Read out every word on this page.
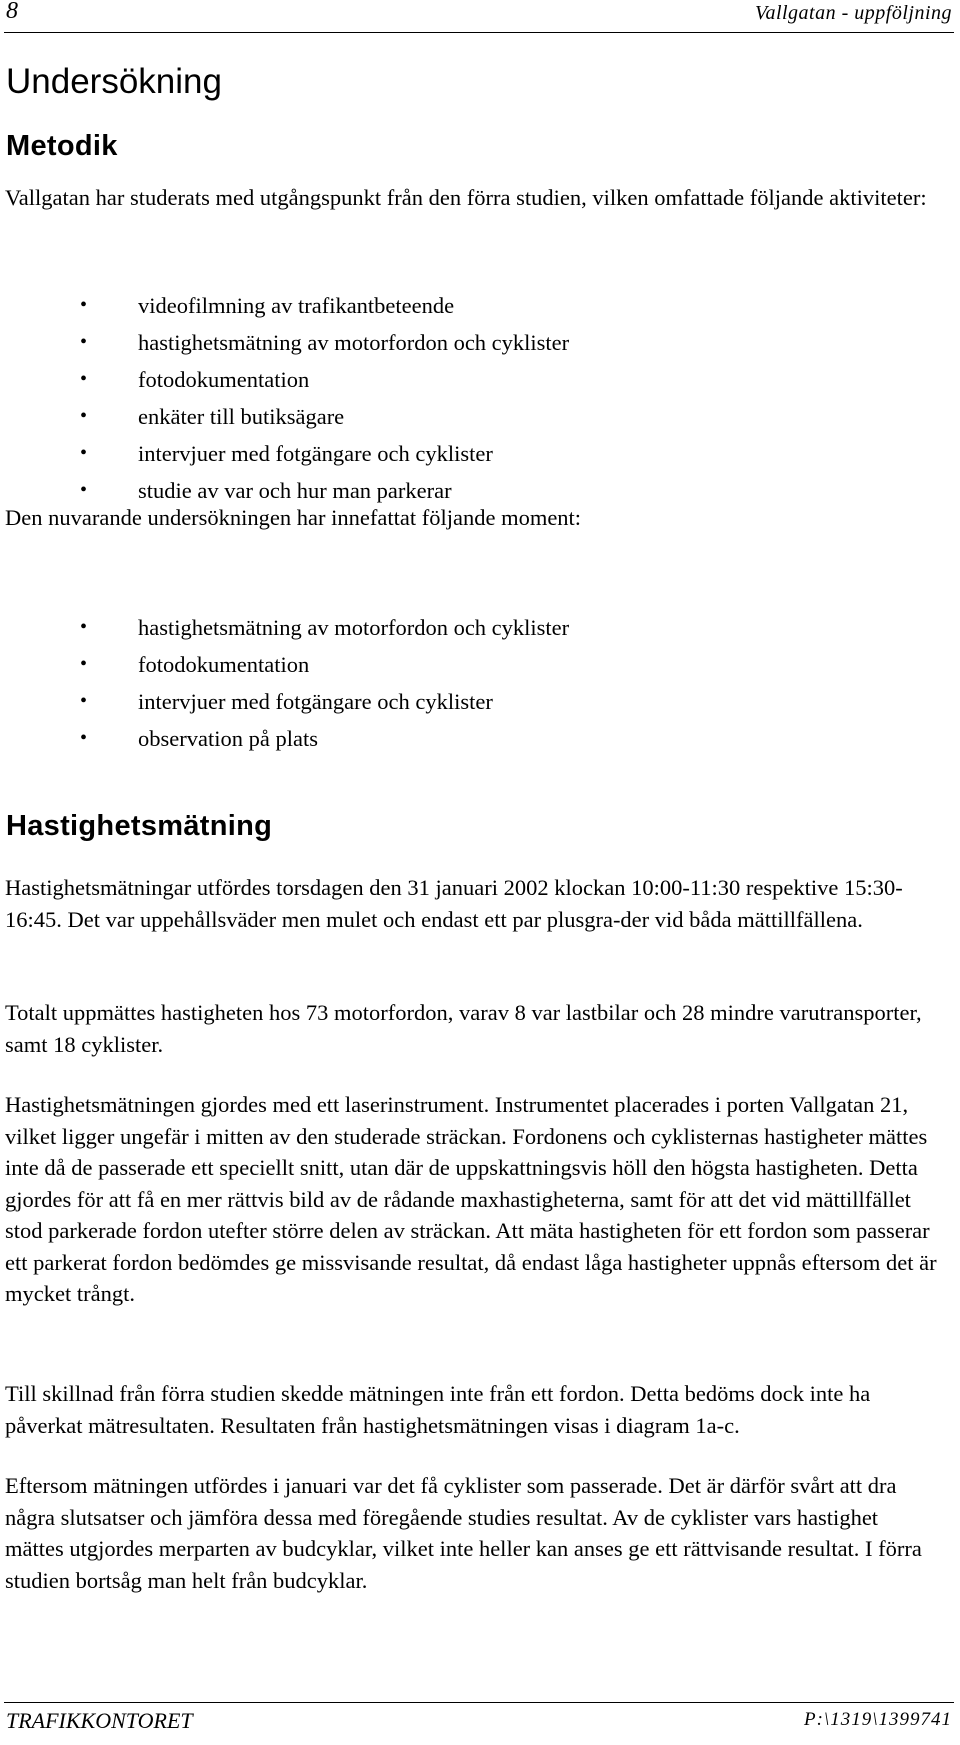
8	Vallgatan - uppföljning
Undersökning
Metodik

Vallgatan har studerats med utgångspunkt från den förra studien, vilken omfattade följande aktiviteter:

• videofilmning av trafikantbeteende
• hastighetsmätning av motorfordon och cyklister
• fotodokumentation
• enkäter till butiksägare
• intervjuer med fotgängare och cyklister
• studie av var och hur man parkerar

Den nuvarande undersökningen har innefattat följande moment:

• hastighetsmätning av motorfordon och cyklister
• fotodokumentation
• intervjuer med fotgängare och cyklister
• observation på plats
Hastighetsmätning

Hastighetsmätningar utfördes torsdagen den 31 januari 2002 klockan 10:00-11:30 respektive 15:30-16:45. Det var uppehållsväder men mulet och endast ett par plusgra-der vid båda mättillfällena.

Totalt uppmättes hastigheten hos 73 motorfordon, varav 8 var lastbilar och 28 mindre varutransporter, samt 18 cyklister.

Hastighetsmätningen gjordes med ett laserinstrument. Instrumentet placerades i porten Vallgatan 21, vilket ligger ungefär i mitten av den studerade sträckan. Fordonens och cyklisternas hastigheter mättes inte då de passerade ett speciellt snitt, utan där de uppskattningsvis höll den högsta hastigheten. Detta gjordes för att få en mer rättvis bild av de rådande maxhastigheterna, samt för att det vid mättillfället stod parkerade fordon utefter större delen av sträckan. Att mäta hastigheten för ett fordon som passerar ett parkerat fordon bedömdes ge missvisande resultat, då endast låga hastigheter uppnås eftersom det är mycket trångt.

Till skillnad från förra studien skedde mätningen inte från ett fordon. Detta bedöms dock inte ha påverkat mätresultaten. Resultaten från hastighetsmätningen visas i diagram 1a-c.

Eftersom mätningen utfördes i januari var det få cyklister som passerade. Det är därför svårt att dra några slutsatser och jämföra dessa med föregående studies resultat. Av de cyklister vars hastighet mättes utgjordes merparten av budcyklar, vilket inte heller kan anses ge ett rättvisande resultat. I förra studien bortsåg man helt från budcyklar.

TRAFIKKONTORET	P:\1319\1399741
